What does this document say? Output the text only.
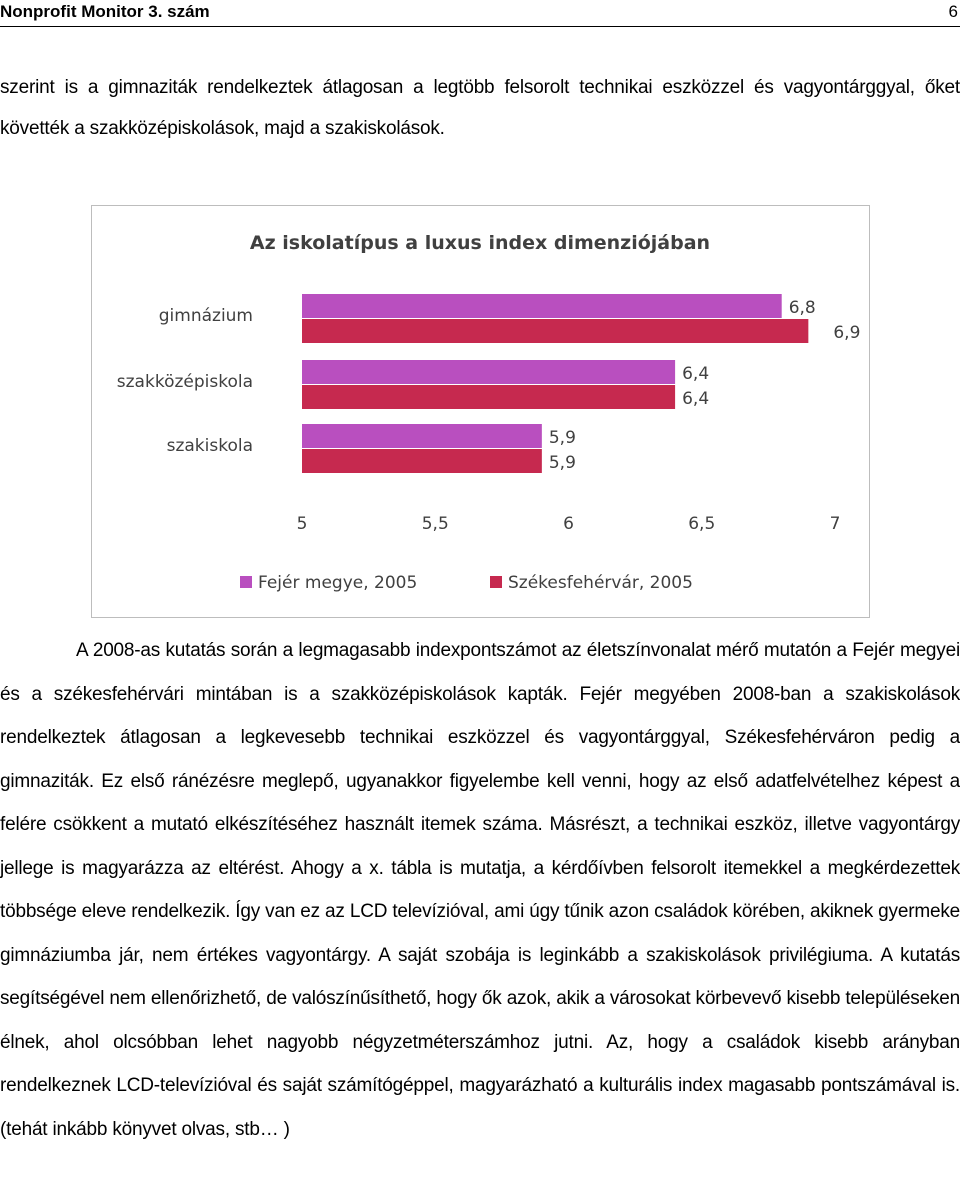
Nonprofit Monitor 3. szám	6
szerint is a gimnaziták rendelkeztek átlagosan a legtöbb felsorolt technikai eszközzel és vagyontárggyal, őket követték a szakközépiskolások, majd a szakiskolások.
Az iskolatípus a luxus index dimenziójában
gimnázium	6,8
6,9
szakközépiskola	6,4
6,4
szakiskola	5,9
5,9
5	5,5	6	6,5	7
Fejér megye, 2005	Székesfehérvár, 2005
A 2008-as kutatás során a legmagasabb indexpontszámot az életszínvonalat mérő mutatón a Fejér megyei és a székesfehérvári mintában is a szakközépiskolások kapták. Fejér megyében 2008-ban a szakiskolások rendelkeztek átlagosan a legkevesebb technikai eszközzel és vagyontárggyal, Székesfehérváron pedig a gimnaziták. Ez első ránézésre meglepő, ugyanakkor figyelembe kell venni, hogy az első adatfelvételhez képest a felére csökkent a mutató elkészítéséhez használt itemek száma. Másrészt, a technikai eszköz, illetve vagyontárgy jellege is magyarázza az eltérést. Ahogy a x. tábla is mutatja, a kérdőívben felsorolt itemekkel a megkérdezettek többsége eleve rendelkezik. Így van ez az LCD televízióval, ami úgy tűnik azon családok körében, akiknek gyermeke gimnáziumba jár, nem értékes vagyontárgy. A saját szobája is leginkább a szakiskolások privilégiuma. A kutatás segítségével nem ellenőrizhető, de valószínűsíthető, hogy ők azok, akik a városokat körbevevő kisebb településeken élnek, ahol olcsóbban lehet nagyobb négyzetméterszámhoz jutni. Az, hogy a családok kisebb arányban rendelkeznek LCD-televízióval és saját számítógéppel, magyarázható a kulturális index magasabb pontszámával is. (tehát inkább könyvet olvas, stb… )
